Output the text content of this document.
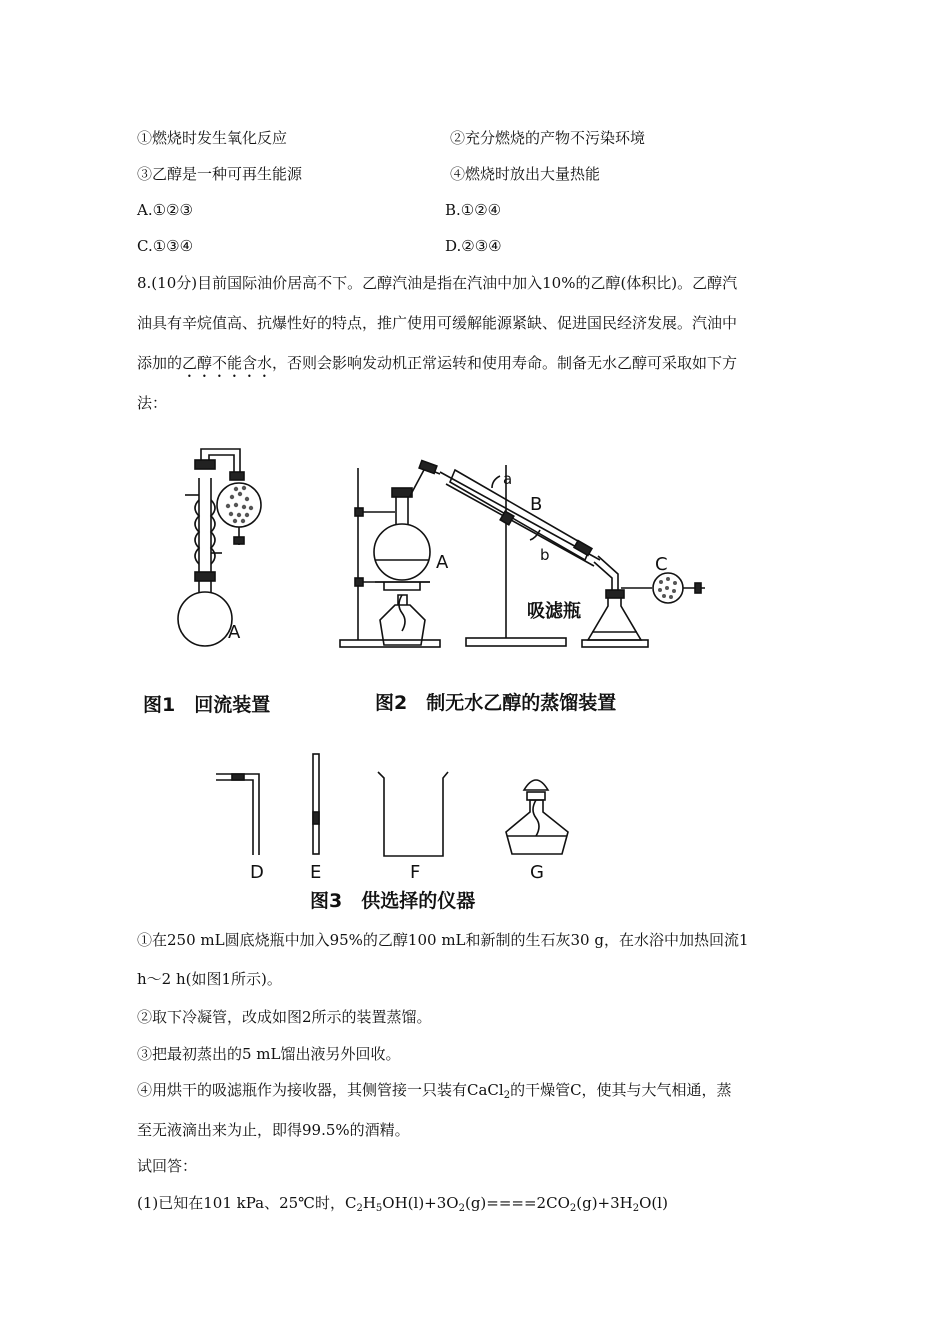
①燃烧时发生氧化反应	②充分燃烧的产物不污染环境
③乙醇是一种可再生能源	④燃烧时放出大量热能
A.①②③	B.①②④
C.①③④	D.②③④
8.(10分)目前国际油价居高不下。乙醇汽油是指在汽油中加入10%的乙醇(体积比)。乙醇汽
油具有辛烷值高、抗爆性好的特点，推广使用可缓解能源紧缺、促进国民经济发展。汽油中
添加的乙醇不能含水，否则会影响发动机正常运转和使用寿命。制备无水乙醇可采取如下方
法：
A
A
a
B
b	C
吸滤瓶
D	E	F	G
图1　回流装置	图2　制无水乙醇的蒸馏装置
图3　供选择的仪器
①在250 mL圆底烧瓶中加入95%的乙醇100 mL和新制的生石灰30 g，在水浴中加热回流1
h～2 h(如图1所示)。
②取下冷凝管，改成如图2所示的装置蒸馏。
③把最初蒸出的5 mL馏出液另外回收。
④用烘干的吸滤瓶作为接收器，其侧管接一只装有CaCl$_2$的干燥管C，使其与大气相通，蒸
至无液滴出来为止，即得99.5%的酒精。
试回答：
(1)已知在101 kPa、25℃时，$C_2H_5OH(l)+3O_2(g)====2CO_2(g)+3H_2O(l)$
